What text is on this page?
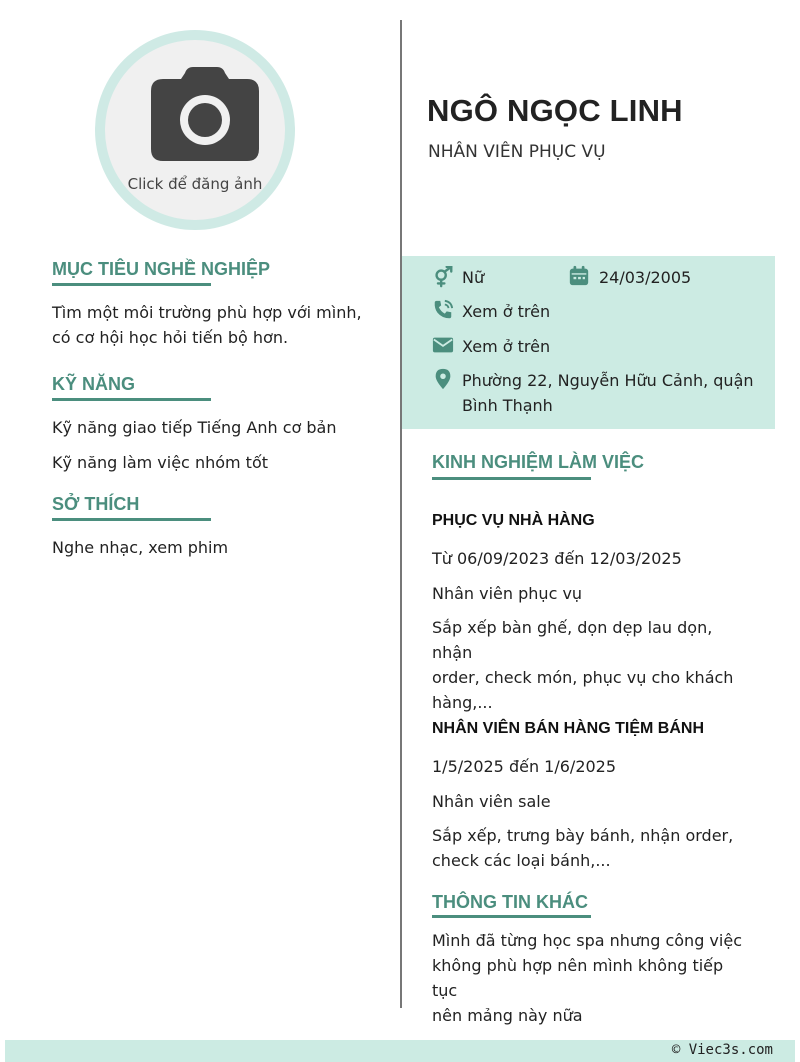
Click để đăng ảnh
MỤC TIÊU NGHỀ NGHIỆP
Tìm một môi trường phù hợp với mình,
có cơ hội học hỏi tiến bộ hơn.
KỸ NĂNG
Kỹ năng giao tiếp Tiếng Anh cơ bản
Kỹ năng làm việc nhóm tốt
SỞ THÍCH
Nghe nhạc, xem phim
NGÔ NGỌC LINH
NHÂN VIÊN PHỤC VỤ
Nữ	24/03/2005
Xem ở trên
Xem ở trên
Phường 22, Nguyễn Hữu Cảnh, quận
Bình Thạnh
KINH NGHIỆM LÀM VIỆC
PHỤC VỤ NHÀ HÀNG
Từ 06/09/2023 đến 12/03/2025
Nhân viên phục vụ
Sắp xếp bàn ghế, dọn dẹp lau dọn, nhận
order, check món, phục vụ cho khách
hàng,...
NHÂN VIÊN BÁN HÀNG TIỆM BÁNH
1/5/2025 đến 1/6/2025
Nhân viên sale
Sắp xếp, trưng bày bánh, nhận order,
check các loại bánh,...
THÔNG TIN KHÁC
Mình đã từng học spa nhưng công việc
không phù hợp nên mình không tiếp tục
nên mảng này nữa
© Viec3s.com
